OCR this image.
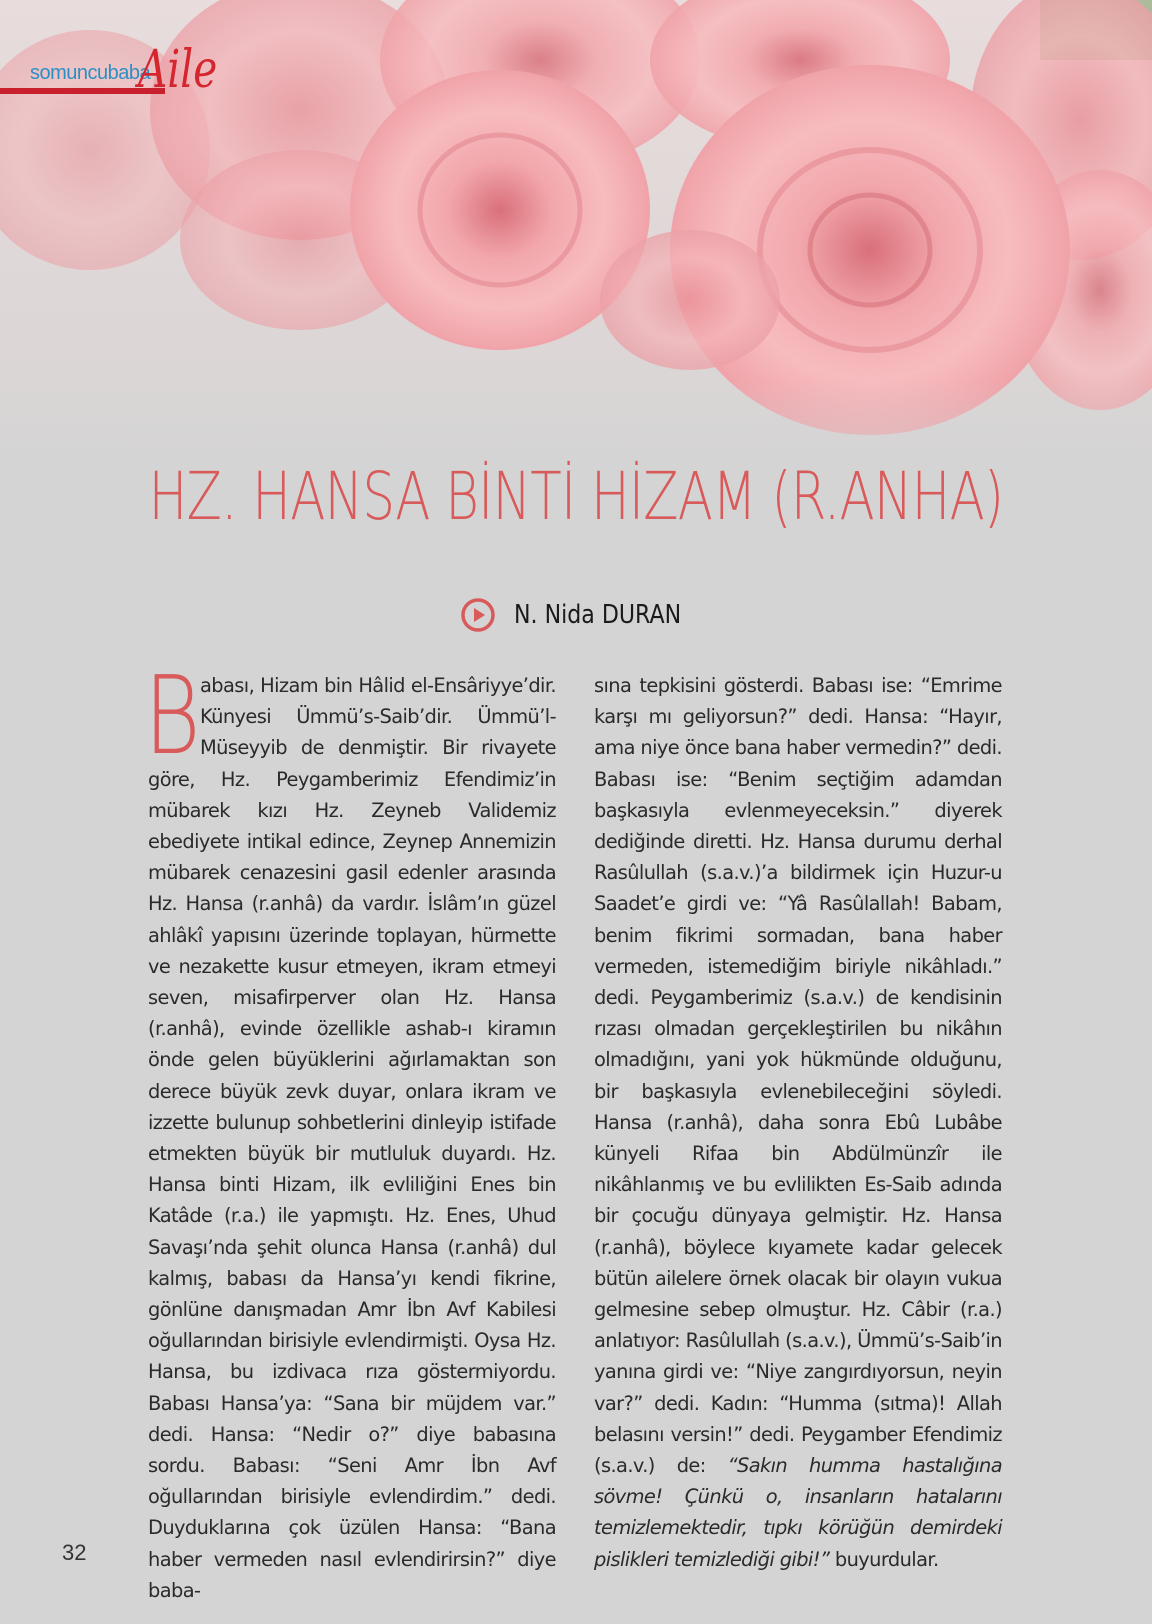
somuncubaba
Aile
HZ. HANSA BİNTİ HİZAM (R.ANHA)
N. Nida DURAN
B abası, Hizam bin Hâlid el-Ensâriyye’dir. Künyesi Ümmü’s-Saib’dir. Ümmü’l-Müseyyib de denmiştir. Bir rivayete göre, Hz. Peygamberimiz Efendimiz’in mübarek kızı Hz. Zeyneb Validemiz ebediyete intikal edince, Zeynep Annemizin mübarek cenazesini gasil edenler arasında Hz. Hansa (r.anhâ) da vardır. İslâm’ın güzel ahlâkî yapısını üzerinde toplayan, hürmette ve nezakette kusur etmeyen, ikram etmeyi seven, misafirperver olan Hz. Hansa (r.anhâ), evinde özellikle ashab-ı kiramın önde gelen büyüklerini ağırlamaktan son derece büyük zevk duyar, onlara ikram ve izzette bulunup sohbetlerini dinleyip istifade etmekten büyük bir mutluluk duyardı. Hz. Hansa binti Hizam, ilk evliliğini Enes bin Katâde (r.a.) ile yapmıştı. Hz. Enes, Uhud Savaşı’nda şehit olunca Hansa (r.anhâ) dul kalmış, babası da Hansa’yı kendi fikrine, gönlüne danışmadan Amr İbn Avf Kabilesi oğullarından birisiyle evlendirmişti. Oysa Hz. Hansa, bu izdivaca rıza göstermiyordu. Babası Hansa’ya: “Sana bir müjdem var.” dedi. Hansa: “Nedir o?” diye babasına sordu. Babası: “Seni Amr İbn Avf oğullarından birisiyle evlendirdim.” dedi. Duyduklarına çok üzülen Hansa: “Bana haber vermeden nasıl evlendirirsin?” diye baba-
sına tepkisini gösterdi. Babası ise: “Emrime karşı mı geliyorsun?” dedi. Hansa: “Hayır, ama niye önce bana haber vermedin?” dedi. Babası ise: “Benim seçtiğim adamdan başkasıyla evlenmeyeceksin.” diyerek dediğinde diretti. Hz. Hansa durumu derhal Rasûlullah (s.a.v.)’a bildirmek için Huzur-u Saadet’e girdi ve: “Yâ Rasûlallah! Babam, benim fikrimi sormadan, bana haber vermeden, istemediğim biriyle nikâhladı.” dedi. Peygamberimiz (s.a.v.) de kendisinin rızası olmadan gerçekleştirilen bu nikâhın olmadığını, yani yok hükmünde olduğunu, bir başkasıyla evlenebileceğini söyledi. Hansa (r.anhâ), daha sonra Ebû Lubâbe künyeli Rifaa bin Abdülmünzîr ile nikâhlanmış ve bu evlilikten Es-Saib adında bir çocuğu dünyaya gelmiştir. Hz. Hansa (r.anhâ), böylece kıyamete kadar gelecek bütün ailelere örnek olacak bir olayın vukua gelmesine sebep olmuştur. Hz. Câbir (r.a.) anlatıyor: Rasûlullah (s.a.v.), Ümmü’s-Saib’in yanına girdi ve: “Niye zangırdıyorsun, neyin var?” dedi. Kadın: “Humma (sıtma)! Allah belasını versin!” dedi. Peygamber Efendimiz (s.a.v.) de: “Sakın humma hastalığına sövme! Çünkü o, insanların hatalarını temizlemektedir, tıpkı körüğün demirdeki pislikleri temizlediği gibi!” buyurdular.
32
